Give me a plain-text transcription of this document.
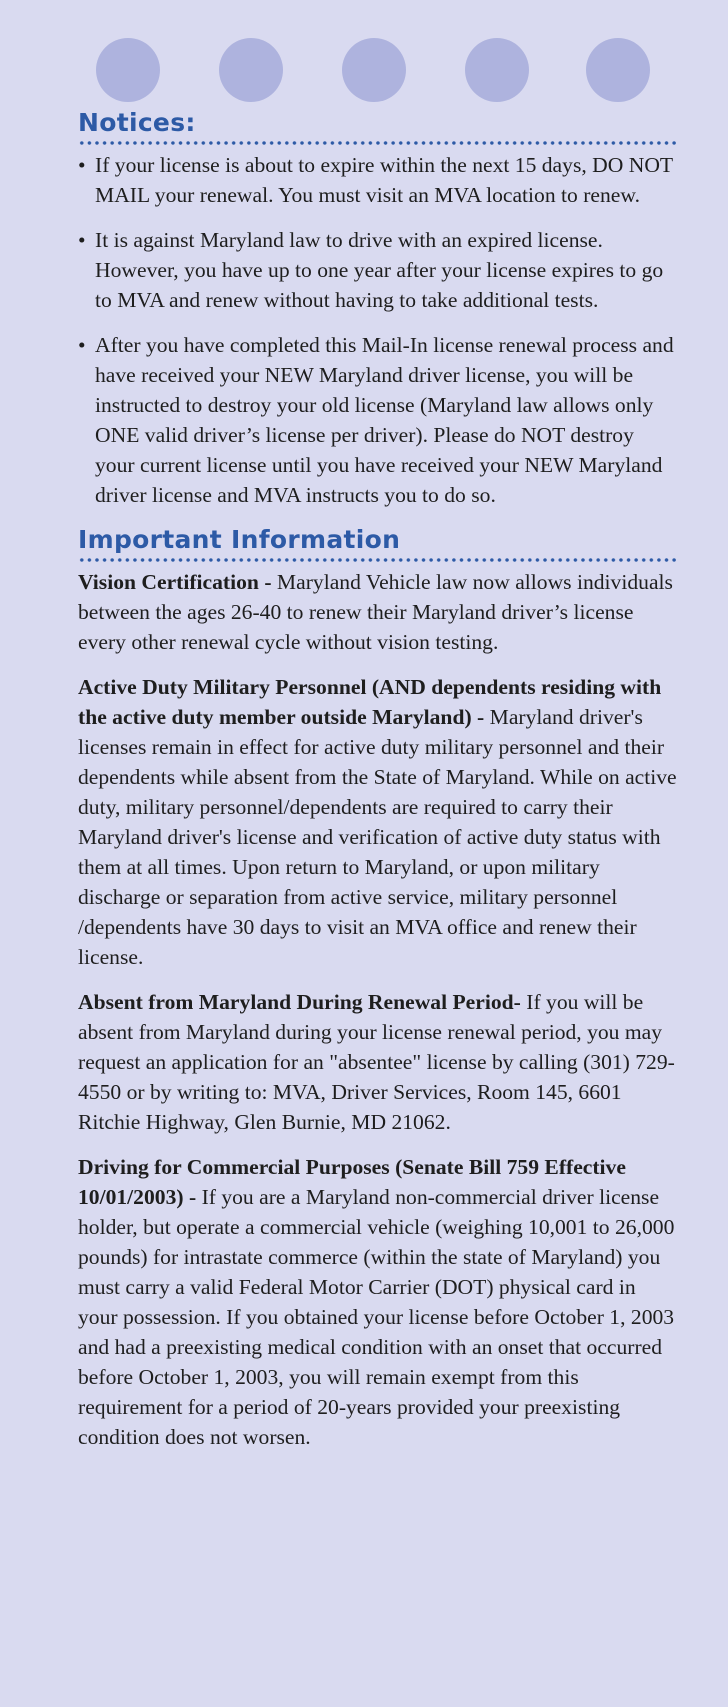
Notices:

• If your license is about to expire within the next 15 days, DO NOT MAIL your renewal. You must visit an MVA location to renew.

• It is against Maryland law to drive with an expired license. However, you have up to one year after your license expires to go to MVA and renew without having to take additional tests.

• After you have completed this Mail-In license renewal process and have received your NEW Maryland driver license, you will be instructed to destroy your old license (Maryland law allows only ONE valid driver’s license per driver). Please do NOT destroy your current license until you have received your NEW Maryland driver license and MVA instructs you to do so.

Important Information

Vision Certification - Maryland Vehicle law now allows individuals between the ages 26-40 to renew their Maryland driver’s license every other renewal cycle without vision testing.

Active Duty Military Personnel (AND dependents residing with the active duty member outside Maryland) - Maryland driver's licenses remain in effect for active duty military personnel and their dependents while absent from the State of Maryland. While on active duty, military personnel/dependents are required to carry their Maryland driver's license and verification of active duty status with them at all times. Upon return to Maryland, or upon military discharge or separation from active service, military personnel /dependents have 30 days to visit an MVA office and renew their license.

Absent from Maryland During Renewal Period- If you will be absent from Maryland during your license renewal period, you may request an application for an "absentee" license by calling (301) 729-4550 or by writing to: MVA, Driver Services, Room 145, 6601 Ritchie Highway, Glen Burnie, MD 21062.

Driving for Commercial Purposes (Senate Bill 759 Effective 10/01/2003) - If you are a Maryland non-commercial driver license holder, but operate a commercial vehicle (weighing 10,001 to 26,000 pounds) for intrastate commerce (within the state of Maryland) you must carry a valid Federal Motor Carrier (DOT) physical card in your possession. If you obtained your license before October 1, 2003 and had a preexisting medical condition with an onset that occurred before October 1, 2003, you will remain exempt from this requirement for a period of 20-years provided your preexisting condition does not worsen.
